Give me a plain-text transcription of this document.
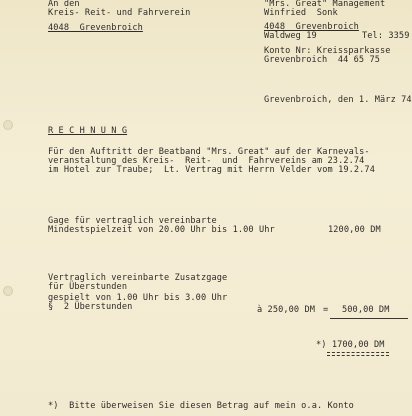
An den
Kreis- Reit- und Fahrverein
4048  Grevenbroich
"Mrs. Great" Management
Winfried  Sonk
4048  Grevenbroich
Waldweg 19	Tel: 3359
Konto Nr: Kreissparkasse
Grevenbroich  44 65 75
Grevenbroich, den 1. März 74
R E C H N U N G
Für den Auftritt der Beatband "Mrs. Great" auf der Karnevals-
veranstaltung des Kreis-  Reit-  und  Fahrvereins am 23.2.74
im Hotel zur Traube;  Lt. Vertrag mit Herrn Velder vom 19.2.74
Gage für vertraglich vereinbarte
Mindestspielzeit von 20.00 Uhr bis 1.00 Uhr	1200,00 DM
Vertraglich vereinbarte Zusatzgage
für Überstunden
gespielt von 1.00 Uhr bis 3.00 Uhr
§  2 Überstunden	à 250,00 DM = 500,00 DM
*) 1700,00 DM
*)  Bitte überweisen Sie diesen Betrag auf mein o.a. Konto
